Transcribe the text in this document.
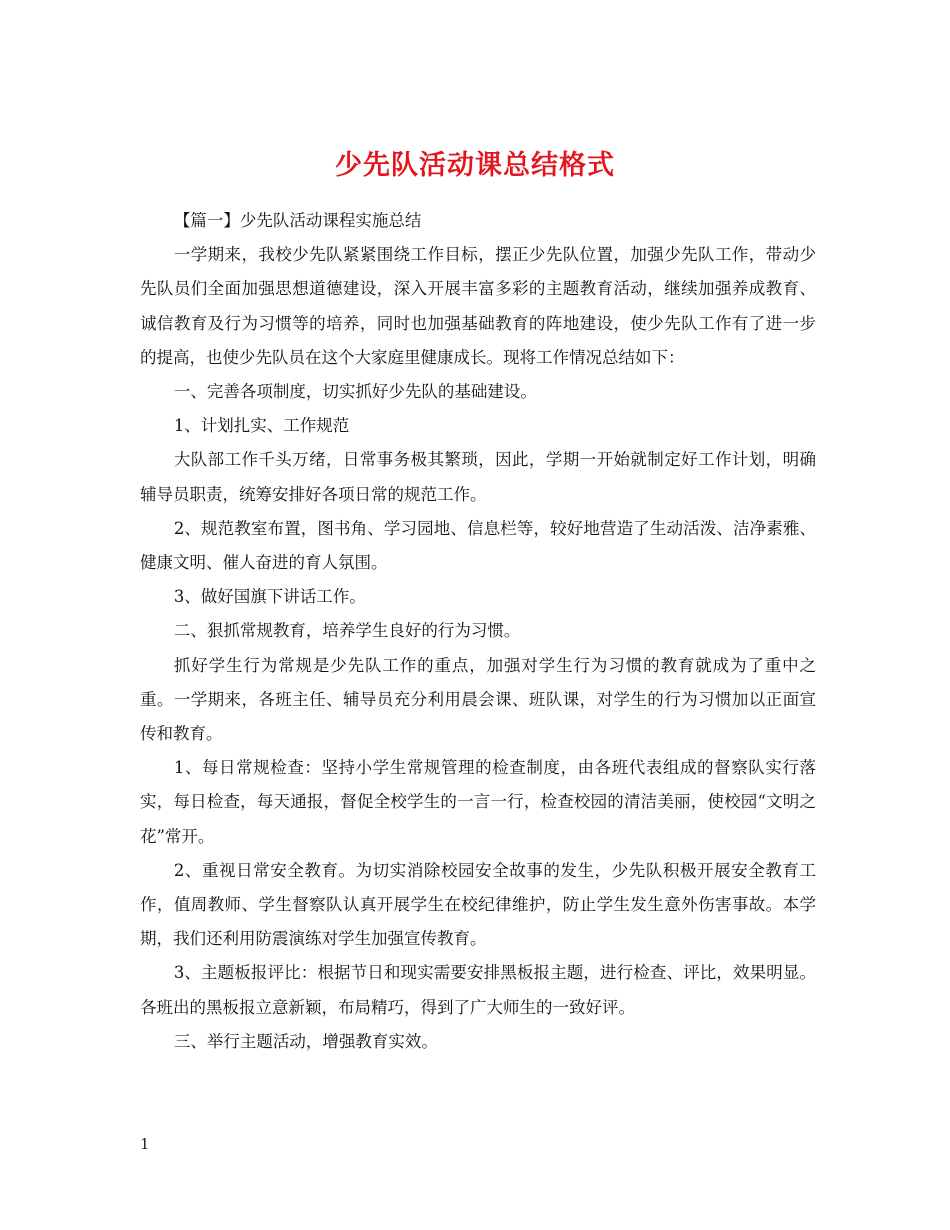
少先队活动课总结格式

【篇一】少先队活动课程实施总结

一学期来，我校少先队紧紧围绕工作目标，摆正少先队位置，加强少先队工作，带动少先队员们全面加强思想道德建设，深入开展丰富多彩的主题教育活动，继续加强养成教育、诚信教育及行为习惯等的培养，同时也加强基础教育的阵地建设，使少先队工作有了进一步的提高，也使少先队员在这个大家庭里健康成长。现将工作情况总结如下：

一、完善各项制度，切实抓好少先队的基础建设。

1、计划扎实、工作规范

大队部工作千头万绪，日常事务极其繁琐，因此，学期一开始就制定好工作计划，明确辅导员职责，统筹安排好各项日常的规范工作。

2、规范教室布置，图书角、学习园地、信息栏等，较好地营造了生动活泼、洁净素雅、健康文明、催人奋进的育人氛围。

3、做好国旗下讲话工作。

二、狠抓常规教育，培养学生良好的行为习惯。

抓好学生行为常规是少先队工作的重点，加强对学生行为习惯的教育就成为了重中之重。一学期来，各班主任、辅导员充分利用晨会课、班队课，对学生的行为习惯加以正面宣传和教育。

1、每日常规检查：坚持小学生常规管理的检查制度，由各班代表组成的督察队实行落实，每日检查，每天通报，督促全校学生的一言一行，检查校园的清洁美丽，使校园“文明之花”常开。

2、重视日常安全教育。为切实消除校园安全故事的发生，少先队积极开展安全教育工作，值周教师、学生督察队认真开展学生在校纪律维护，防止学生发生意外伤害事故。本学期，我们还利用防震演练对学生加强宣传教育。

3、主题板报评比：根据节日和现实需要安排黑板报主题，进行检查、评比，效果明显。各班出的黑板报立意新颖，布局精巧，得到了广大师生的一致好评。

三、举行主题活动，增强教育实效。

1
